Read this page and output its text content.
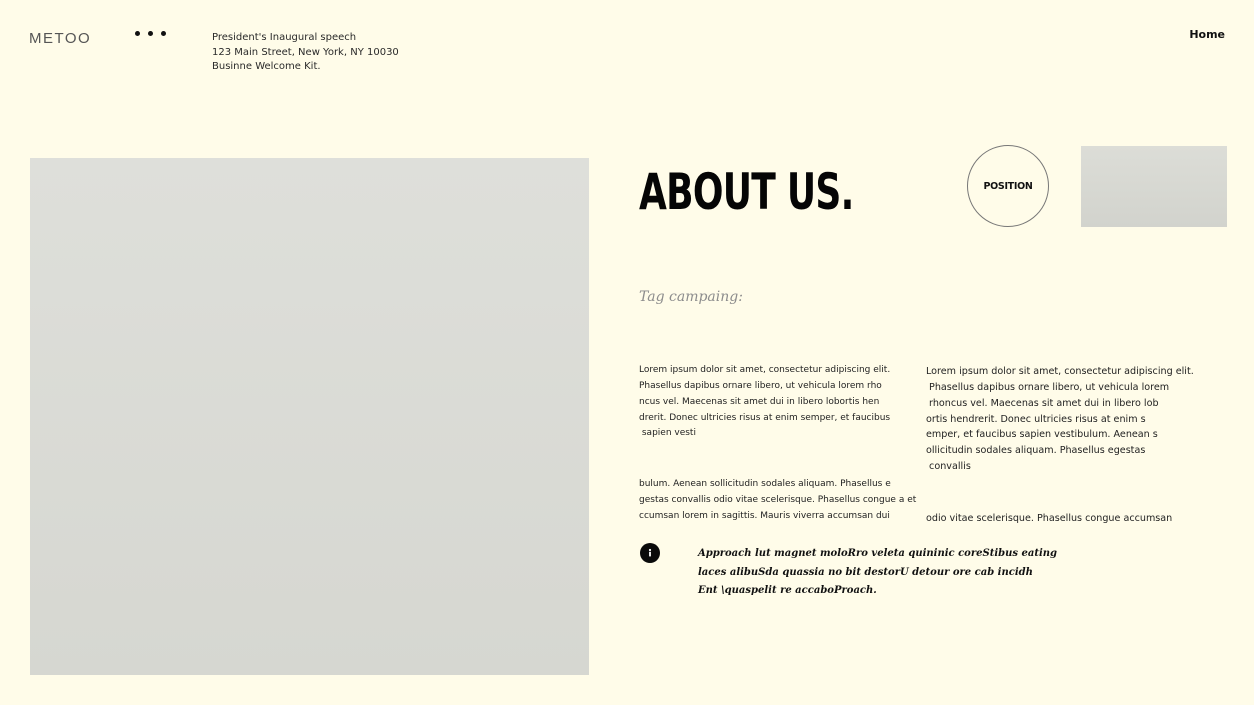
METOO	President's Inaugural speech
123 Main Street, New York, NY 10030
Businne Welcome Kit.
Home
ABOUT US.	POSITION
Tag campaing:

Lorem ipsum dolor sit amet, consectetur adipiscing elit.
Phasellus dapibus ornare libero, ut vehicula lorem rho
ncus vel. Maecenas sit amet dui in libero lobortis hen
drerit. Donec ultricies risus at enim semper, et faucibus
sapien vesti

bulum. Aenean sollicitudin sodales aliquam. Phasellus e
gestas convallis odio vitae scelerisque. Phasellus congue a et
ccumsan lorem in sagittis. Mauris viverra accumsan dui

Lorem ipsum dolor sit amet, consectetur adipiscing elit.
Phasellus dapibus ornare libero, ut vehicula lorem
rhoncus vel. Maecenas sit amet dui in libero lob
ortis hendrerit. Donec ultricies risus at enim s
emper, et faucibus sapien vestibulum. Aenean s
ollicitudin sodales aliquam. Phasellus egestas
convallis

odio vitae scelerisque. Phasellus congue accumsan

Approach lut magnet moloRro veleta quininic coreStibus eating
laces alibuSda quassia no bit destorU detour ore cab incidh
Ent \quaspelit re accaboProach.
